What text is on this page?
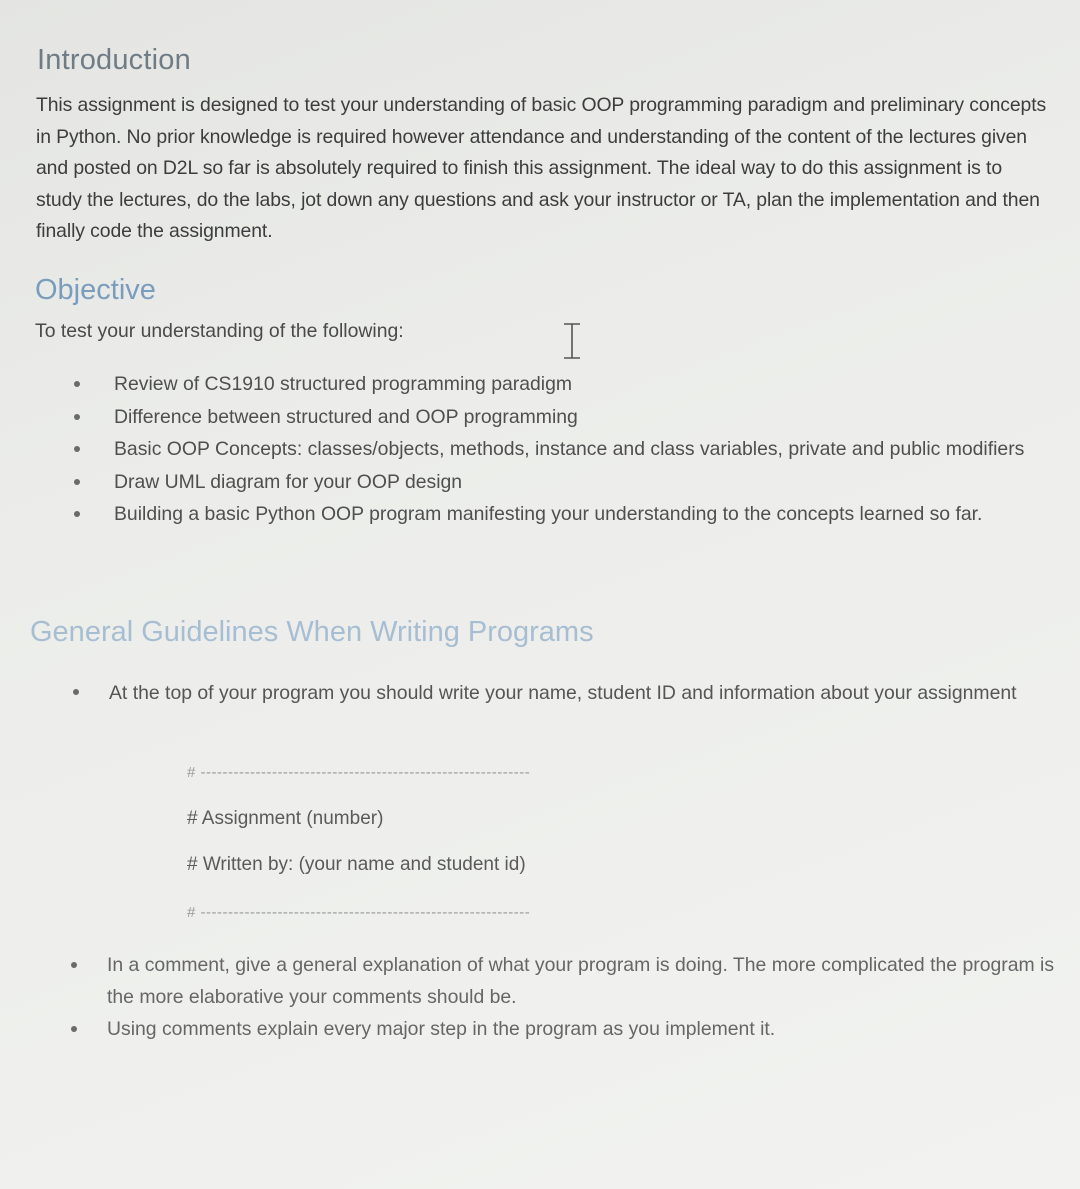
Introduction
This assignment is designed to test your understanding of basic OOP programming paradigm and preliminary concepts in Python. No prior knowledge is required however attendance and understanding of the content of the lectures given and posted on D2L so far is absolutely required to finish this assignment. The ideal way to do this assignment is to study the lectures, do the labs, jot down any questions and ask your instructor or TA, plan the implementation and then finally code the assignment.
Objective
To test your understanding of the following:
Review of CS1910 structured programming paradigm
Difference between structured and OOP programming
Basic OOP Concepts: classes/objects, methods, instance and class variables, private and public modifiers
Draw UML diagram for your OOP design
Building a basic Python OOP program manifesting your understanding to the concepts learned so far.
General Guidelines When Writing Programs
At the top of your program you should write your name, student ID and information about your assignment
# ------------------------------------------------------------
# Assignment (number)
# Written by: (your name and student id)
# ------------------------------------------------------------
In a comment, give a general explanation of what your program is doing. The more complicated the program is the more elaborative your comments should be.
Using comments explain every major step in the program as you implement it.
